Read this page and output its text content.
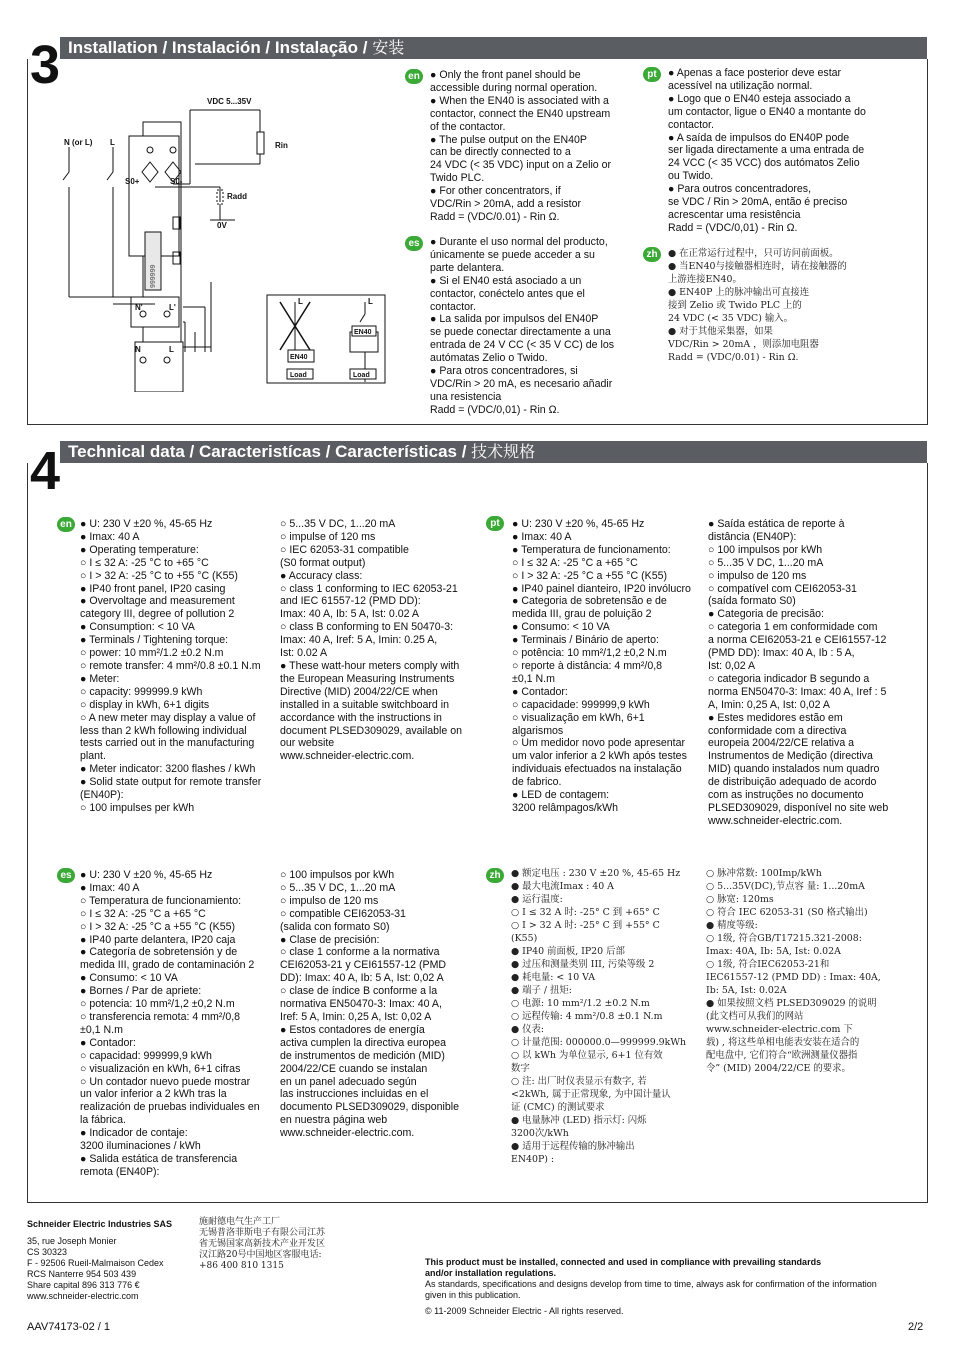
3 Installation / Instalación / Instalação / 安装
VDC 5...35V
N (or L) L	Rin
S0+	S0-
Radd
0V
999999
N'	L'
N	L
L	L
EN40
EN40
Load	Load
en ● Only the front panel should be
accessible during normal operation.
● When the EN40 is associated with a
contactor, connect the EN40 upstream
of the contactor.
● The pulse output on the EN40P
can be directly connected to a
24 VDC (< 35 VDC) input on a Zelio or
Twido PLC.
● For other concentrators, if
VDC/Rin > 20mA, add a resistor
Radd = (VDC/0.01) - Rin Ω.
es ● Durante el uso normal del producto,
únicamente se puede acceder a su
parte delantera.
● Si el EN40 está asociado a un
contactor, conéctelo antes que el
contactor.
● La salida por impulsos del EN40P
se puede conectar directamente a una
entrada de 24 V CC (< 35 V CC) de los
autómatas Zelio o Twido.
● Para otros concentradores, si
VDC/Rin > 20 mA, es necesario añadir
una resistencia
Radd = (VDC/0,01) - Rin Ω.
pt	● Apenas a face posterior deve estar
acessível na utilização normal.
● Logo que o EN40 esteja associado a
um contactor, ligue o EN40 a montante do
contactor.
● A saída de impulsos do EN40P pode
ser ligada directamente a uma entrada de
24 VCC (< 35 VCC) dos autómatos Zelio
ou Twido.
● Para outros concentradores,
se VDC / Rin > 20mA, então é preciso
acrescentar uma resistência
Radd = (VDC/0,01) - Rin Ω.
zh	● 在正常运行过程中，只可访问前面板。
● 当EN40与接触器相连时，请在接触器的
上游连接EN40。
● EN40P 上的脉冲输出可直接连
接到 Zelio 或 Twido PLC 上的
24 VDC (< 35 VDC) 输入。
● 对于其他采集器，如果
VDC/Rin > 20mA ，则添加电阻器
Radd = (VDC/0.01) - Rin Ω.
4 Technical data / Caracteristícas / Características / 技术规格
en ● U: 230 V ±20 %, 45-65 Hz
● Imax: 40 A
● Operating temperature:
○ I ≤ 32 A: -25 °C to +65 °C
○ I > 32 A: -25 °C to +55 °C (K55)
● IP40 front panel, IP20 casing
● Overvoltage and measurement
category III, degree of pollution 2
● Consumption: < 10 VA
● Terminals / Tightening torque:
○ power: 10 mm²/1.2 ±0.2 N.m
○ remote transfer: 4 mm²/0.8 ±0.1 N.m
● Meter:
○ capacity: 999999.9 kWh
○ display in kWh, 6+1 digits
○ A new meter may display a value of
less than 2 kWh following individual
tests carried out in the manufacturing
plant.
● Meter indicator: 3200 flashes / kWh
● Solid state output for remote transfer
(EN40P):
○ 100 impulses per kWh
○ 5...35 V DC, 1...20 mA
○ impulse of 120 ms
○ IEC 62053-31 compatible
(S0 format output)
● Accuracy class:
○ class 1 conforming to IEC 62053-21
and IEC 61557-12 (PMD DD):
Imax: 40 A, Ib: 5 A, Ist: 0.02 A
○ class B conforming to EN 50470-3:
Imax: 40 A, Iref: 5 A, Imin: 0.25 A,
Ist: 0.02 A
● These watt-hour meters comply with
the European Measuring Instruments
Directive (MID) 2004/22/CE when
installed in a suitable switchboard in
accordance with the instructions in
document PLSED309029, available on
our website
www.schneider-electric.com.
pt	● U: 230 V ±20 %, 45-65 Hz
● Imax: 40 A
● Temperatura de funcionamento:
○ I ≤ 32 A: -25 °C a +65 °C
○ I > 32 A: -25 °C a +55 °C (K55)
● IP40 painel dianteiro, IP20 invólucro
● Categoria de sobretensão e de
medida III, grau de poluição 2
● Consumo: < 10 VA
● Terminais / Binário de aperto:
○ potência: 10 mm²/1,2 ±0,2 N.m
○ reporte à distância: 4 mm²/0,8
±0,1 N.m
● Contador:
○ capacidade: 999999,9 kWh
○ visualização em kWh, 6+1
algarismos
○ Um medidor novo pode apresentar
um valor inferior a 2 kWh após testes
individuais efectuados na instalação
de fabrico.
● LED de contagem:
3200 relâmpagos/kWh
● Saída estática de reporte à
distância (EN40P):
○ 100 impulsos por kWh
○ 5...35 V DC, 1...20 mA
○ impulso de 120 ms
○ compatível com CEI62053-31
(saída formato S0)
● Categoria de precisão:
○ categoria 1 em conformidade com
a norma CEI62053-21 e CEI61557-12
(PMD DD): Imax: 40 A, Ib : 5 A,
Ist: 0,02 A
○ categoria indicador B segundo a
norma EN50470-3: Imax: 40 A, Iref : 5
A, Imin: 0,25 A, Ist: 0,02 A
● Estes medidores estão em
conformidade com a directiva
europeia 2004/22/CE relativa a
Instrumentos de Medição (directiva
MID) quando instalados num quadro
de distribuição adequado de acordo
com as instruções no documento
PLSED309029, disponível no site web
www.schneider-electric.com.
es ● U: 230 V ±20 %, 45-65 Hz
● Imax: 40 A
○ Temperatura de funcionamiento:
○ I ≤ 32 A: -25 °C a +65 °C
○ I > 32 A: -25 °C a +55 °C (K55)
● IP40 parte delantera, IP20 caja
● Categoría de sobretensión y de
medida III, grado de contaminación 2
● Consumo: < 10 VA
● Bornes / Par de apriete:
○ potencia: 10 mm²/1,2 ±0,2 N.m
○ transferencia remota: 4 mm²/0,8
±0,1 N.m
● Contador:
○ capacidad: 999999,9 kWh
○ visualización en kWh, 6+1 cifras
○ Un contador nuevo puede mostrar
un valor inferior a 2 kWh tras la
realización de pruebas individuales en
la fábrica.
● Indicador de contaje:
3200 iluminaciones / kWh
● Salida estática de transferencia
remota (EN40P):
○ 100 impulsos por kWh
○ 5...35 V DC, 1...20 mA
○ impulso de 120 ms
○ compatible CEI62053-31
(salida con formato S0)
● Clase de precisión:
○ clase 1 conforme a la normativa
CEI62053-21 y CEI61557-12 (PMD
DD): Imax: 40 A, Ib: 5 A, Ist: 0,02 A
○ clase de índice B conforme a la
normativa EN50470-3: Imax: 40 A,
Iref: 5 A, Imin: 0,25 A, Ist: 0,02 A
● Estos contadores de energía
activa cumplen la directiva europea
de instrumentos de medición (MID)
2004/22/CE cuando se instalan
en un panel adecuado según
las instrucciones incluidas en el
documento PLSED309029, disponible
en nuestra página web
www.schneider-electric.com.
zh	● 额定电压 : 230 V ±20 %, 45-65 Hz
● 最大电流Imax : 40 A
● 运行温度:
○ I ≤ 32 A 时: -25° C 到 +65° C
○ I > 32 A 时: -25° C 到 +55° C
(K55)
● IP40 前面板, IP20 后部
● 过压和测量类别 III, 污染等级 2
● 耗电量: < 10 VA
● 端子 / 扭矩:
○ 电源: 10 mm²/1.2 ±0.2 N.m
○ 远程传输: 4 mm²/0.8 ±0.1 N.m
● 仪表:
○ 计量范围: 000000.0—999999.9kWh
○ 以 kWh 为单位显示, 6+1 位有效
数字
○ 注: 出厂时仪表显示有数字, 若
<2kWh, 属于正常现象, 为中国计量认
证 (CMC) 的测试要求
● 电量脉冲 (LED) 指示灯: 闪烁
3200次/kWh
● 适用于远程传输的脉冲输出
EN40P) :
○ 脉冲常数: 100Imp/kWh
○ 5...35V(DC),节点容 量: 1...20mA
○ 脉宽: 120ms
○ 符合 IEC 62053-31 (S0 格式输出)
● 精度等级:
○ 1级, 符合GB/T17215.321-2008:
Imax: 40A, Ib: 5A, Ist: 0.02A
○ 1级, 符合IEC62053-21和
IEC61557-12 (PMD DD) : Imax: 40A,
Ib: 5A, Ist: 0.02A
● 如果按照文档 PLSED309029 的说明
(此文档可从我们的网站
www.schneider-electric.com 下
载) , 将这些单相电能表安装在适合的
配电盘中, 它们符合“欧洲测量仪器指
令” (MID) 2004/22/CE 的要求。
Schneider Electric Industries SAS
35, rue Joseph Monier
CS 30323
F - 92506 Rueil-Malmaison Cedex
RCS Nanterre 954 503 439
Share capital 896 313 776 €
www.schneider-electric.com
施耐德电气生产工厂
无锡普洛菲斯电子有限公司江苏
省无锡国家高新技术产业开发区
汉江路20号中国地区客服电话:
+86 400 810 1315	This product must be installed, connected and used in compliance with prevailing standards
and/or installation regulations.
As standards, specifications and designs develop from time to time, always ask for confirmation of the information
given in this publication.
© 11-2009 Schneider Electric - All rights reserved.
AAV74173-02 / 1	2/2
